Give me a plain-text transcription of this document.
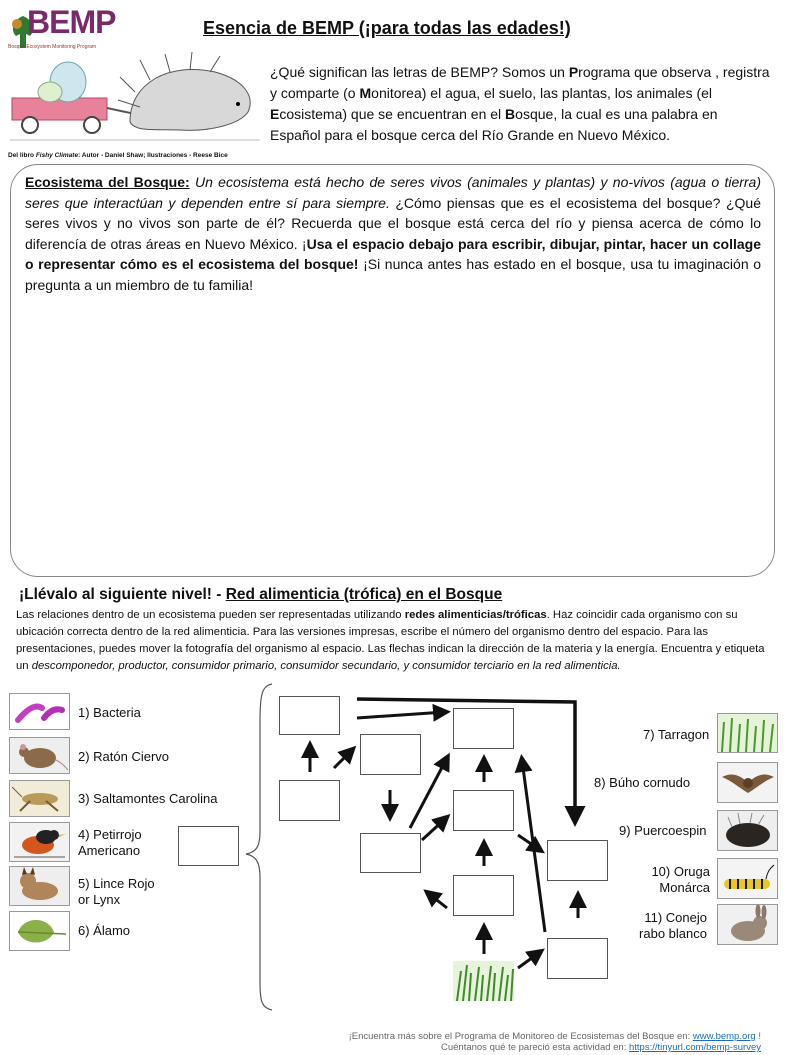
BEMP
Bosque Ecosystem Monitoring Program
Esencia de BEMP (¡para todas las edades!)
¿Qué significan las letras de BEMP? Somos un Programa que observa , registra y comparte (o Monitorea) el agua, el suelo, las plantas, los animales (el Ecosistema) que se encuentran en el Bosque, la cual es una palabra en Español para el bosque cerca del Río Grande en Nuevo México.
Del libro Fishy Climate: Autor - Daniel Shaw; Ilustraciones - Reese Bice
Ecosistema del Bosque: Un ecosistema está hecho de seres vivos (animales y plantas) y no-vivos (agua o tierra) seres que interactúan y dependen entre sí para siempre. ¿Cómo piensas que es el ecosistema del bosque? ¿Qué seres vivos y no vivos son parte de él? Recuerda que el bosque está cerca del río y piensa acerca de cómo lo diferencía de otras áreas en Nuevo México. ¡Usa el espacio debajo para escribir, dibujar, pintar, hacer un collage o representar cómo es el ecosistema del bosque! ¡Si nunca antes has estado en el bosque, usa tu imaginación o pregunta a un miembro de tu familia!
¡Llévalo al siguiente nivel! - Red alimenticia (trófica) en el Bosque
Las relaciones dentro de un ecosistema pueden ser representadas utilizando redes alimenticias/tróficas. Haz coincidir cada organismo con su ubicación correcta dentro de la red alimenticia. Para las versiones impresas, escribe el número del organismo dentro del espacio. Para las presentaciones, puedes mover la fotografía del organismo al espacio. Las flechas indican la dirección de la materia y la energía. Encuentra y etiqueta un descomponedor, productor, consumidor primario, consumidor secundario, y consumidor terciario en la red alimenticia.
1) Bacteria
2) Ratón Ciervo
3) Saltamontes Carolina
4) Petirrojo Americano
5) Lince Rojo or Lynx
6) Álamo
7) Tarragon
8) Búho cornudo
9) Puercoespin
10) Oruga Monárca
11) Conejo rabo blanco
¡Encuentra más sobre el Programa de Monitoreo de Ecosistemas del Bosque en: www.bemp.org !
Cuéntanos qué te pareció esta actividad en: https://tinyurl.com/bemp-survey
